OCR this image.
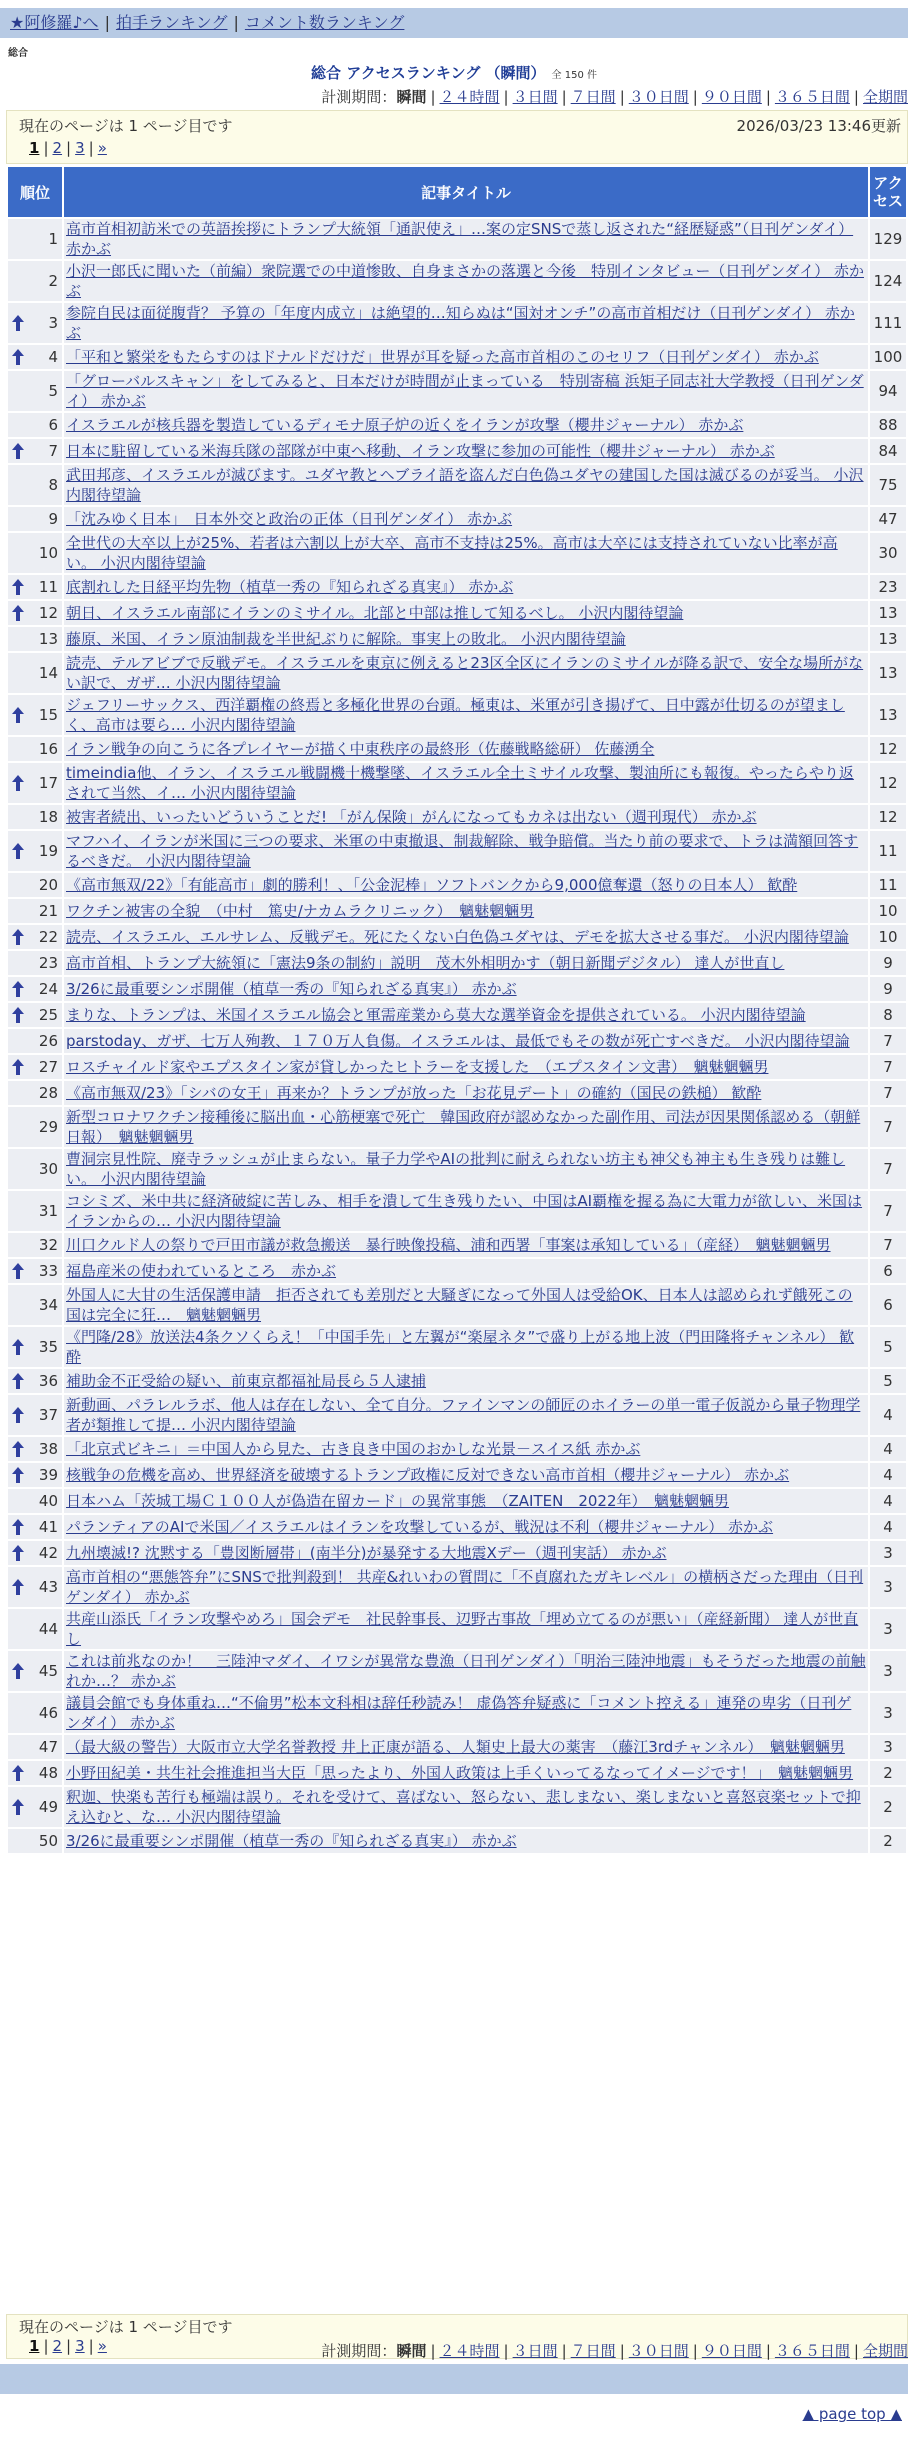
★阿修羅♪へ | 拍手ランキング | コメント数ランキング
総合
総合 アクセスランキング （瞬間） 全 150 件
計測期間：瞬間 | ２４時間 | ３日間 | ７日間 | ３０日間 | ９０日間 | ３６５日間 | 全期間
現在のページは 1 ページ目です	2026/03/23 13:46更新
1 | 2 | 3 | »
順位	記事タイトル	アクセス
1	高市首相初訪米での英語挨拶にトランプ大統領「通訳使え」…案の定SNSで蒸し返された“経歴疑惑”（日刊ゲンダイ） 赤かぶ	129
2	小沢一郎氏に聞いた（前編）衆院選での中道惨敗、自身まさかの落選と今後　特別インタビュー（日刊ゲンダイ） 赤かぶ	124

3	参院自民は面従腹背？ 予算の「年度内成立」は絶望的…知らぬは“国対オンチ”の高市首相だけ（日刊ゲンダイ） 赤かぶ	111

4	「平和と繁栄をもたらすのはドナルドだけだ」世界が耳を疑った高市首相のこのセリフ（日刊ゲンダイ） 赤かぶ	100
5	「グローバルスキャン」をしてみると、日本だけが時間が止まっている　特別寄稿 浜矩子同志社大学教授（日刊ゲンダイ） 赤かぶ	94
6	イスラエルが核兵器を製造しているディモナ原子炉の近くをイランが攻撃（櫻井ジャーナル） 赤かぶ	88

7	日本に駐留している米海兵隊の部隊が中東へ移動、イラン攻撃に参加の可能性（櫻井ジャーナル） 赤かぶ	84
8	武田邦彦、イスラエルが滅びます。ユダヤ教とヘブライ語を盗んだ白色偽ユダヤの建国した国は滅びるのが妥当。 小沢内閣待望論	75
9	「沈みゆく日本」　日本外交と政治の正体（日刊ゲンダイ） 赤かぶ	47
10	全世代の大卒以上が25%、若者は六割以上が大卒、高市不支持は25%。高市は大卒には支持されていない比率が高い。 小沢内閣待望論	30

11	底割れした日経平均先物（植草一秀の『知られざる真実』） 赤かぶ	23

12	朝日、イスラエル南部にイランのミサイル。北部と中部は推して知るべし。 小沢内閣待望論	13
13	藤原、米国、イラン原油制裁を半世紀ぶりに解除。事実上の敗北。 小沢内閣待望論	13
14	読売、テルアビブで反戦デモ。イスラエルを東京に例えると23区全区にイランのミサイルが降る訳で、安全な場所がない訳で、ガザ… 小沢内閣待望論	13

15	ジェフリーサックス、西洋覇権の終焉と多極化世界の台頭。極東は、米軍が引き揚げて、日中露が仕切るのが望ましく、高市は要ら… 小沢内閣待望論	13
16	イラン戦争の向こうに各プレイヤーが描く中東秩序の最終形（佐藤戦略総研） 佐藤湧全	12

17	timeindia他、イラン、イスラエル戦闘機十機撃墜、イスラエル全土ミサイル攻撃、製油所にも報復。やったらやり返されて当然、イ… 小沢内閣待望論	12
18	被害者続出、いったいどういうことだ! 「がん保険」がんになってもカネは出ない（週刊現代） 赤かぶ	12

19	マフハイ、イランが米国に三つの要求、米軍の中東撤退、制裁解除、戦争賠償。当たり前の要求で、トラは満額回答するべきだ。 小沢内閣待望論	11
20	《高市無双/22》「有能高市」劇的勝利！、「公金泥棒」ソフトバンクから9,000億奪還（怒りの日本人） 歓酔	11
21	ワクチン被害の全貌　（中村　篤史/ナカムラクリニック）　魑魅魍魎男	10

22	読売、イスラエル、エルサレム、反戦デモ。死にたくない白色偽ユダヤは、デモを拡大させる事だ。 小沢内閣待望論	10
23	高市首相、トランプ大統領に「憲法9条の制約」説明　茂木外相明かす（朝日新聞デジタル） 達人が世直し	9

24	3/26に最重要シンポ開催（植草一秀の『知られざる真実』） 赤かぶ	9

25	まりな、トランプは、米国イスラエル協会と軍需産業から莫大な選挙資金を提供されている。 小沢内閣待望論	8
26	parstoday、ガザ、七万人殉教、１７０万人負傷。イスラエルは、最低でもその数が死亡すべきだ。 小沢内閣待望論	7

27	ロスチャイルド家やエプスタイン家が貸しかったヒトラーを支援した　（エプスタイン文書）　魑魅魍魎男	7
28	《高市無双/23》「シバの女王」再来か？トランプが放った「お花見デート」の確約（国民の鉄槌） 歓酔	7
29	新型コロナワクチン接種後に脳出血・心筋梗塞で死亡　韓国政府が認めなかった副作用、司法が因果関係認める（朝鮮日報）　魑魅魍魎男	7
30	曹洞宗見性院、廃寺ラッシュが止まらない。量子力学やAIの批判に耐えられない坊主も神父も神主も生き残りは難しい。 小沢内閣待望論	7
31	コシミズ、米中共に経済破綻に苦しみ、相手を潰して生き残りたい、中国はAI覇権を握る為に大電力が欲しい、米国はイランからの… 小沢内閣待望論	7
32	川口クルド人の祭りで戸田市議が救急搬送　暴行映像投稿、浦和西署「事案は承知している」（産経）　魑魅魍魎男	7

33	福島産米の使われているところ　赤かぶ	6
34	外国人に大甘の生活保護申請　拒否されても差別だと大騒ぎになって外国人は受給OK、日本人は認められず餓死この国は完全に狂…　魑魅魍魎男	6

35	《門隆/28》放送法4条クソくらえ！「中国手先」と左翼が“楽屋ネタ”で盛り上がる地上波（門田隆将チャンネル） 歓酔	5

36	補助金不正受給の疑い、前東京都福祉局長ら５人逮捕	5

37	新動画、パラレルラボ、他人は存在しない、全て自分。ファインマンの師匠のホイラーの単一電子仮説から量子物理学者が類推して提… 小沢内閣待望論	4

38	「北京式ビキニ」＝中国人から見た、古き良き中国のおかしな光景－スイス紙 赤かぶ	4

39	核戦争の危機を高め、世界経済を破壊するトランプ政権に反対できない高市首相（櫻井ジャーナル） 赤かぶ	4
40	日本ハム「茨城工場Ｃ１００人が偽造在留カード」の異常事態　（ZAITEN　2022年）　魑魅魍魎男	4

41	パランティアのAIで米国／イスラエルはイランを攻撃しているが、戦況は不利（櫻井ジャーナル） 赤かぶ	4

42	九州壊滅!? 沈黙する「豊図断層帯」(南半分)が暴発する大地震Xデー（週刊実話） 赤かぶ	3

43	高市首相の“悪態答弁”にSNSで批判殺到！ 共産&れいわの質問に「不貞腐れたガキレベル」の横柄さだった理由（日刊ゲンダイ） 赤かぶ	3
44	共産山添氏「イラン攻撃やめろ」国会デモ　社民幹事長、辺野古事故「埋め立てるのが悪い」（産経新聞） 達人が世直し	3

45	これは前兆なのか！　三陸沖マダイ、イワシが異常な豊漁（日刊ゲンダイ）「明治三陸沖地震」もそうだった地震の前触れか…？ 赤かぶ	3
46	議員会館でも身体重ね…“不倫男”松本文科相は辞任秒読み！ 虚偽答弁疑惑に「コメント控える」連発の卑劣（日刊ゲンダイ） 赤かぶ	3
47	（最大級の警告）大阪市立大学名誉教授 井上正康が語る、人類史上最大の薬害　（藤江3rdチャンネル）　魑魅魍魎男	3

48	小野田紀美・共生社会推進担当大臣「思ったより、外国人政策は上手くいってるなってイメージです！」　魑魅魍魎男	2

49	釈迦、快楽も苦行も極端は誤り。それを受けて、喜ばない、怒らない、悲しまない、楽しまないと喜怒哀楽セットで抑え込むと、な… 小沢内閣待望論	2
50	3/26に最重要シンポ開催（植草一秀の『知られざる真実』） 赤かぶ	2
現在のページは 1 ページ目です
1 | 2 | 3 | »	計測期間：瞬間 | ２４時間 | ３日間 | ７日間 | ３０日間 | ９０日間 | ３６５日間 | 全期間
▲ page top ▲
